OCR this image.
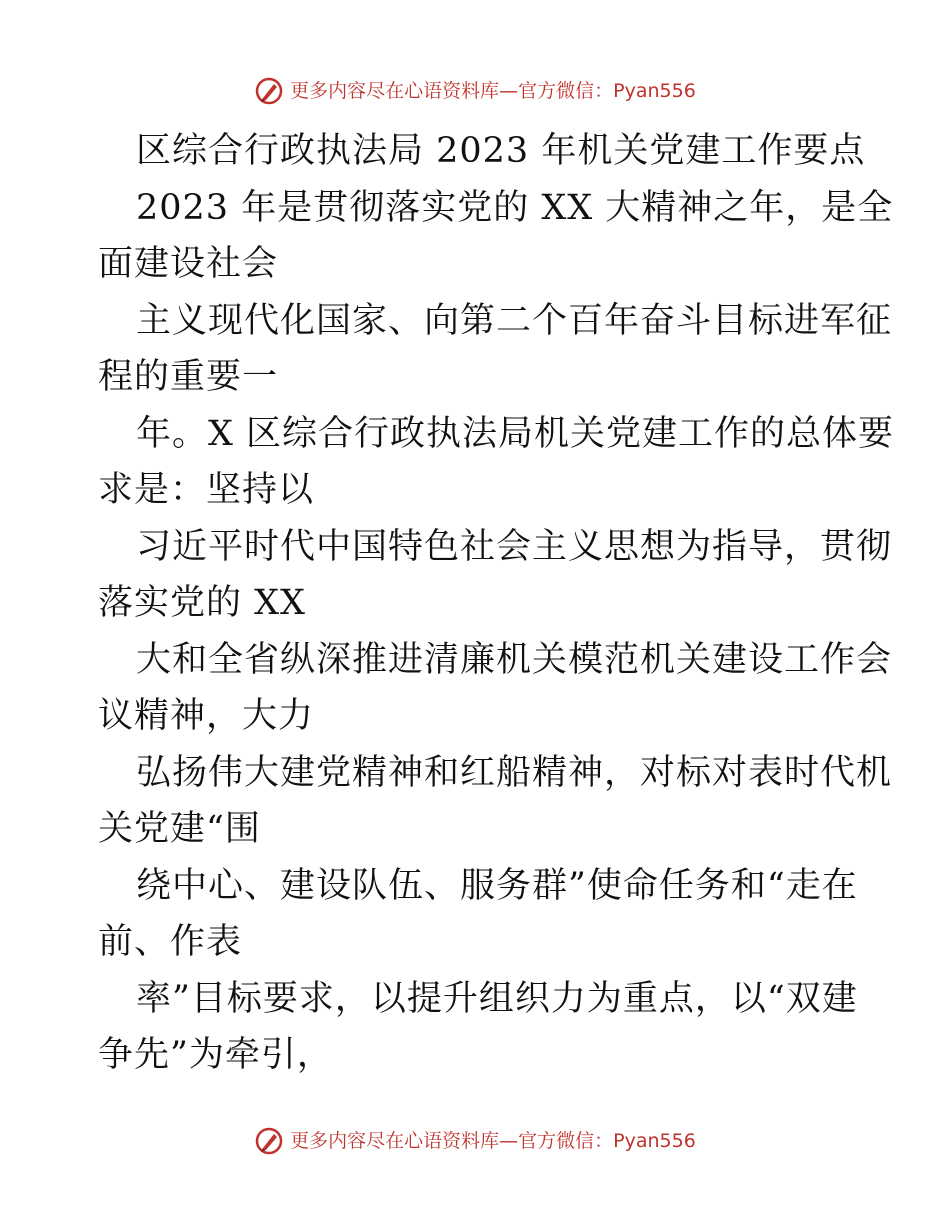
更多内容尽在心语资料库—官方微信：Pyan556
区综合行政执法局 2023 年机关党建工作要点
2023 年是贯彻落实党的 XX 大精神之年，是全
面建设社会
主义现代化国家、向第二个百年奋斗目标进军征
程的重要一
年。X 区综合行政执法局机关党建工作的总体要
求是：坚持以
习近平时代中国特色社会主义思想为指导，贯彻
落实党的 XX
大和全省纵深推进清廉机关模范机关建设工作会
议精神，大力
弘扬伟大建党精神和红船精神，对标对表时代机
关党建“围
绕中心、建设队伍、服务群”使命任务和“走在
前、作表
率”目标要求，以提升组织力为重点，以“双建
争先”为牵引，
更多内容尽在心语资料库—官方微信：Pyan556
